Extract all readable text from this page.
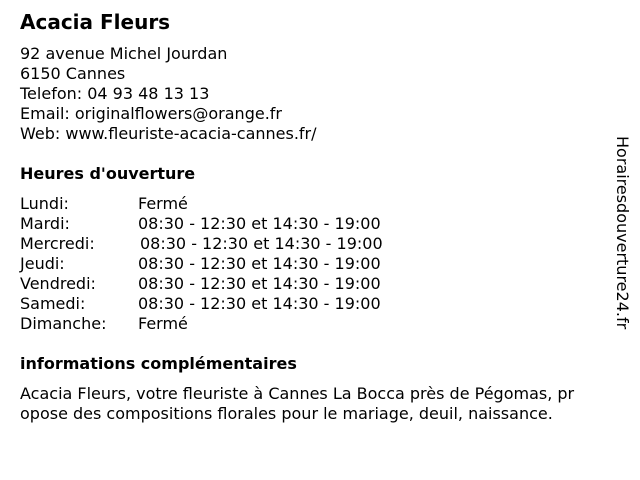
Acacia Fleurs
92 avenue Michel Jourdan
6150 Cannes
Telefon: 04 93 48 13 13
Email: originalflowers@orange.fr
Web: www.fleuriste-acacia-cannes.fr/
Heures d'ouverture
Lundi:	Fermé
Mardi:	08:30 - 12:30 et 14:30 - 19:00
Mercredi:	08:30 - 12:30 et 14:30 - 19:00
Jeudi:	08:30 - 12:30 et 14:30 - 19:00
Vendredi:	08:30 - 12:30 et 14:30 - 19:00
Samedi:	08:30 - 12:30 et 14:30 - 19:00
Dimanche: Fermé
informations complémentaires
Acacia Fleurs, votre fleuriste à Cannes La Bocca près de Pégomas, pr
opose des compositions florales pour le mariage, deuil, naissance.
Horairesdouverture24.fr
